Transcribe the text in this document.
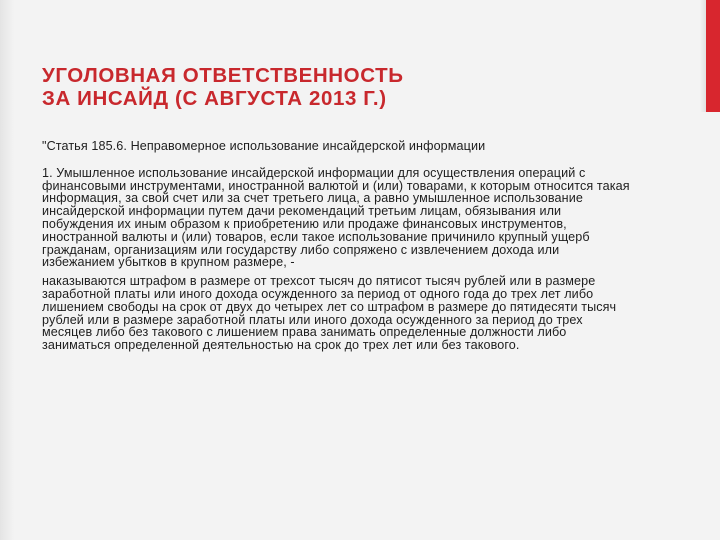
УГОЛОВНАЯ ОТВЕТСТВЕННОСТЬ
ЗА ИНСАЙД (С АВГУСТА 2013 Г.)

"Статья 185.6. Неправомерное использование инсайдерской информации

1. Умышленное использование инсайдерской информации для осуществления операций с финансовыми инструментами, иностранной валютой и (или) товарами, к которым относится такая информация, за свой счет или за счет третьего лица, а равно умышленное использование инсайдерской информации путем дачи рекомендаций третьим лицам, обязывания или побуждения их иным образом к приобретению или продаже финансовых инструментов, иностранной валюты и (или) товаров, если такое использование причинило крупный ущерб гражданам, организациям или государству либо сопряжено с извлечением дохода или избежанием убытков в крупном размере, -

наказываются штрафом в размере от трехсот тысяч до пятисот тысяч рублей или в размере заработной платы или иного дохода осужденного за период от одного года до трех лет либо лишением свободы на срок от двух до четырех лет со штрафом в размере до пятидесяти тысяч рублей или в размере заработной платы или иного дохода осужденного за период до трех месяцев либо без такового с лишением права занимать определенные должности либо заниматься определенной деятельностью на срок до трех лет или без такового.
